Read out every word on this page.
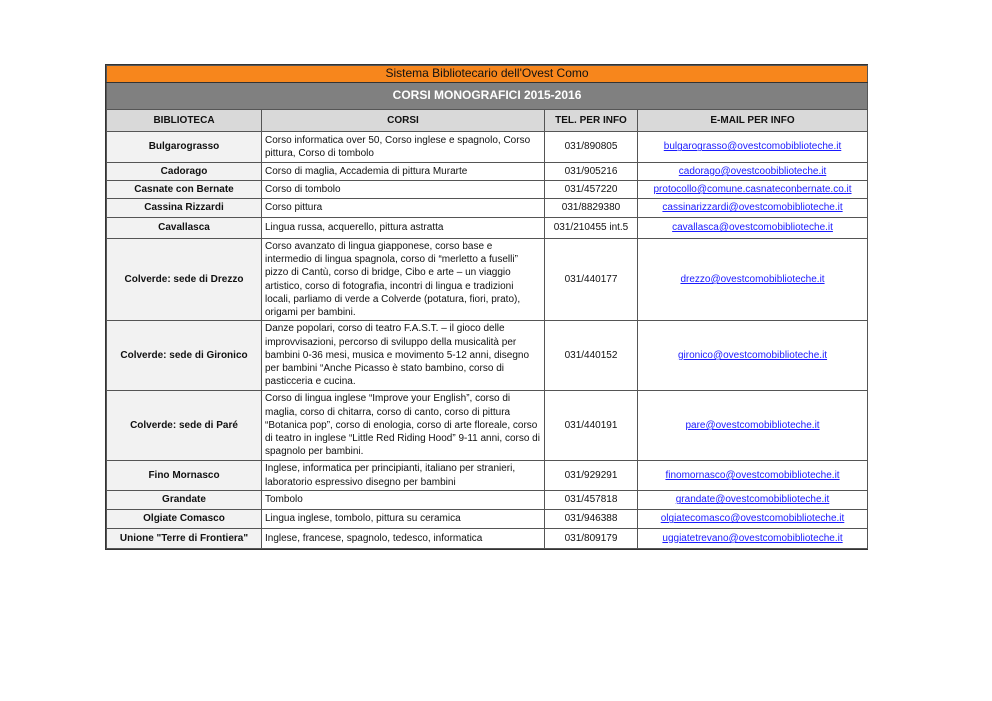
Sistema Bibliotecario dell'Ovest Como			
CORSI MONOGRAFICI 2015-2016			
BIBLIOTECA	CORSI	TEL. PER INFO	E-MAIL PER INFO
Bulgarograsso	Corso informatica over 50, Corso inglese e spagnolo, Corso pittura, Corso di tombolo	031/890805	bulgarograsso@ovestcomobiblioteche.it
Cadorago	Corso di maglia, Accademia di pittura Murarte	031/905216	cadorago@ovestcoobiblioteche.it
Casnate con Bernate	Corso di tombolo	031/457220	protocollo@comune.casnateconbernate.co.it
Cassina Rizzardi	Corso pittura	031/8829380	cassinarizzardi@ovestcomobiblioteche.it
Cavallasca	Lingua russa, acquerello, pittura astratta	031/210455 int.5	cavallasca@ovestcomobiblioteche.it
Colverde: sede di Drezzo	Corso avanzato di lingua giapponese, corso base e intermedio di lingua spagnola, corso di “merletto a fuselli” pizzo di Cantù, corso di bridge, Cibo e arte – un viaggio artistico, corso di fotografia, incontri di lingua e tradizioni locali, parliamo di verde a Colverde (potatura, fiori, prato), origami per bambini.	031/440177	drezzo@ovestcomobiblioteche.it
Colverde: sede di Gironico	Danze popolari, corso di teatro F.A.S.T. – il gioco delle improvvisazioni, percorso di sviluppo della musicalità per bambini 0-36 mesi, musica e movimento 5-12 anni, disegno per bambini “Anche Picasso è stato bambino, corso di pasticceria e cucina.	031/440152	gironico@ovestcomobiblioteche.it
Colverde: sede di Paré	Corso di lingua inglese “Improve your English”, corso di maglia, corso di chitarra, corso di canto, corso di pittura “Botanica pop”, corso di enologia, corso di arte floreale, corso di teatro in inglese “Little Red Riding Hood” 9-11 anni, corso di spagnolo per bambini.	031/440191	pare@ovestcomobiblioteche.it
Fino Mornasco	Inglese, informatica per principianti, italiano per stranieri, laboratorio espressivo disegno per bambini	031/929291	finomornasco@ovestcomobiblioteche.it
Grandate	Tombolo	031/457818	grandate@ovestcomobiblioteche.it
Olgiate Comasco	Lingua inglese, tombolo, pittura su ceramica	031/946388	olgiatecomasco@ovestcomobiblioteche.it
Unione "Terre di Frontiera"	Inglese, francese, spagnolo, tedesco, informatica	031/809179	uggiatetrevano@ovestcomobiblioteche.it
